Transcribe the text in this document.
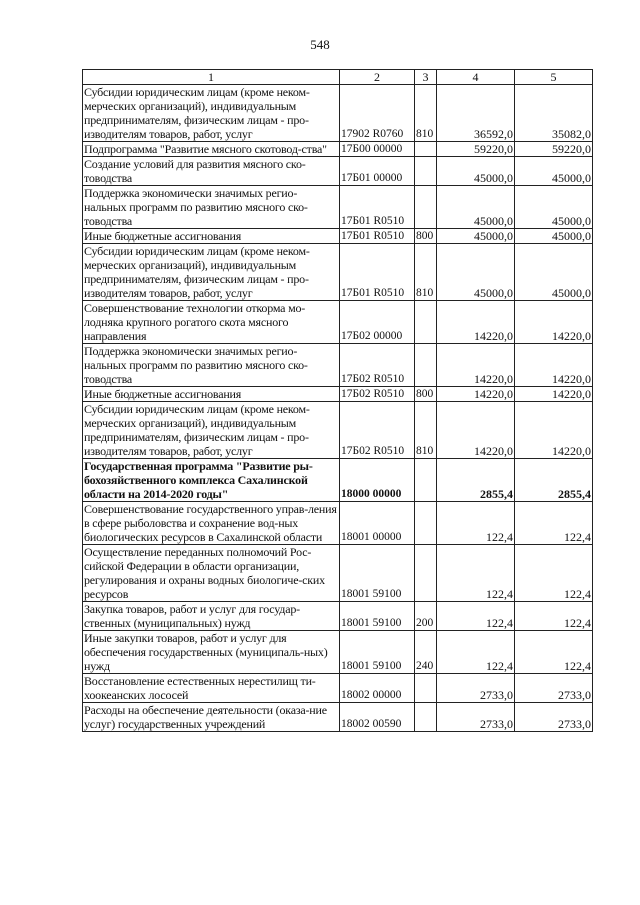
548
1	2	3	4	5
Субсидии юридическим лицам (кроме неком-мерческих организаций), индивидуальным предпринимателям, физическим лицам - про-изводителям товаров, работ, услуг	17902 R0760	810	36592,0	35082,0
Подпрограмма "Развитие мясного скотовод-ства"	17Б00 00000		59220,0	59220,0
Создание условий для развития мясного ско-товодства	17Б01 00000		45000,0	45000,0
Поддержка экономически значимых регио-нальных программ по развитию мясного ско-товодства	17Б01 R0510		45000,0	45000,0
Иные бюджетные ассигнования	17Б01 R0510	800	45000,0	45000,0
Субсидии юридическим лицам (кроме неком-мерческих организаций), индивидуальным предпринимателям, физическим лицам - про-изводителям товаров, работ, услуг	17Б01 R0510	810	45000,0	45000,0
Совершенствование технологии откорма мо-лодняка крупного рогатого скота мясного направления	17Б02 00000		14220,0	14220,0
Поддержка экономически значимых регио-нальных программ по развитию мясного ско-товодства	17Б02 R0510		14220,0	14220,0
Иные бюджетные ассигнования	17Б02 R0510	800	14220,0	14220,0
Субсидии юридическим лицам (кроме неком-мерческих организаций), индивидуальным предпринимателям, физическим лицам - про-изводителям товаров, работ, услуг	17Б02 R0510	810	14220,0	14220,0
Государственная программа "Развитие ры-бохозяйственного комплекса Сахалинской области на 2014-2020 годы"	18000 00000		2855,4	2855,4
Совершенствование государственного управ-ления в сфере рыболовства и сохранение вод-ных биологических ресурсов в Сахалинской области	18001 00000		122,4	122,4
Осуществление переданных полномочий Рос-сийской Федерации в области организации, регулирования и охраны водных биологиче-ских ресурсов	18001 59100		122,4	122,4
Закупка товаров, работ и услуг для государ-ственных (муниципальных) нужд	18001 59100	200	122,4	122,4
Иные закупки товаров, работ и услуг для обеспечения государственных (муниципаль-ных) нужд	18001 59100	240	122,4	122,4
Восстановление естественных нерестилищ ти-хоокеанских лососей	18002 00000		2733,0	2733,0
Расходы на обеспечение деятельности (оказа-ние услуг) государственных учреждений	18002 00590		2733,0	2733,0
